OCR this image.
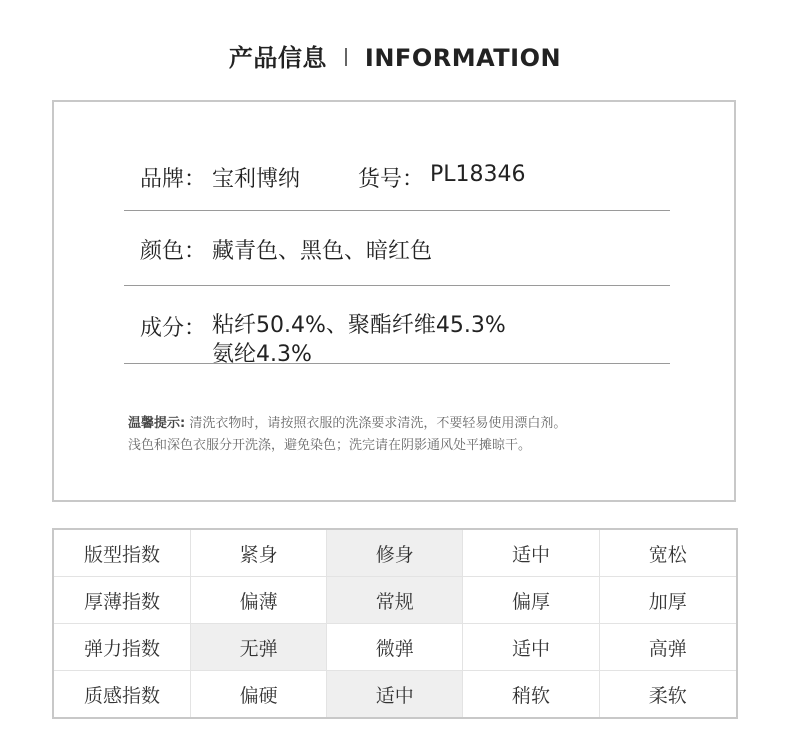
产品信息 INFORMATION
品牌： 宝利博纳	货号： PL18346
颜色： 藏青色、黑色、暗红色
成分： 粘纤50.4%、聚酯纤维45.3%
氨纶4.3%
温馨提示: 清洗衣物时，请按照衣服的洗涤要求清洗，不要轻易使用漂白剂。
浅色和深色衣服分开洗涤，避免染色；洗完请在阴影通风处平摊晾干。
版型指数	紧身	修身	适中	宽松
厚薄指数	偏薄	常规	偏厚	加厚
弹力指数	无弹	微弹	适中	高弹
质感指数	偏硬	适中	稍软	柔软
